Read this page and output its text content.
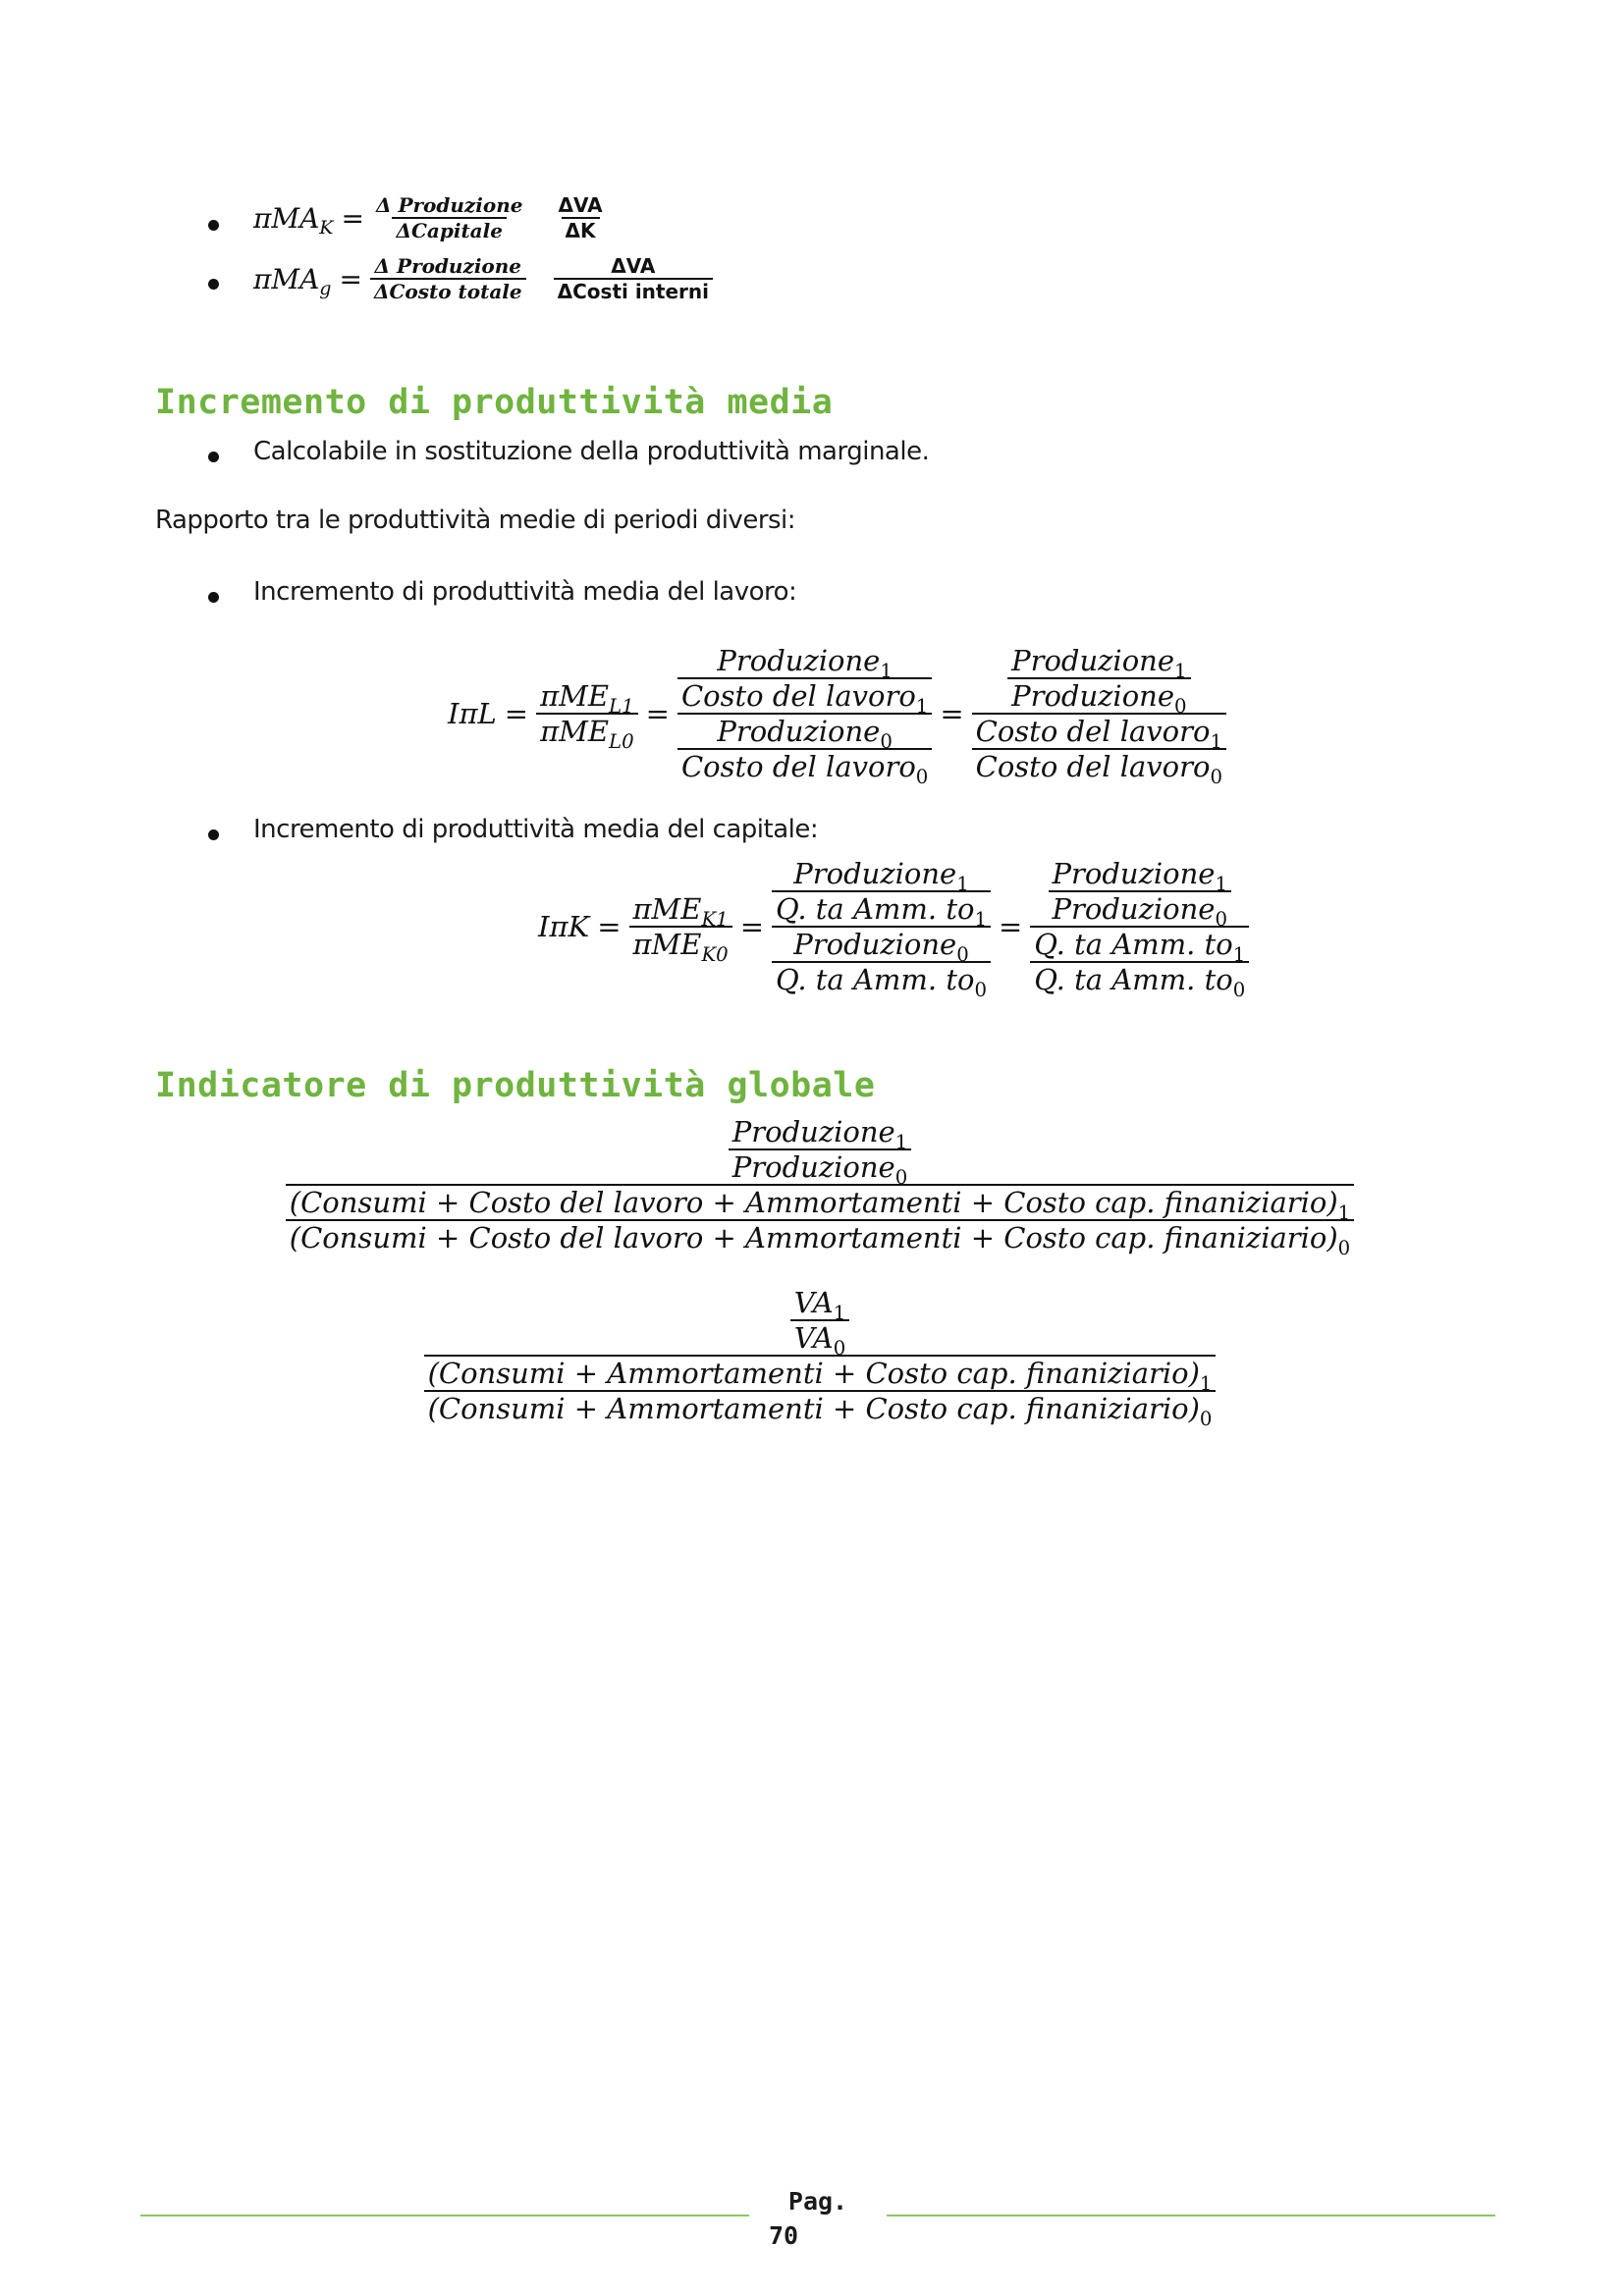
$\pi MA_K = \frac{\text{Δ Produzione}}{\text{ΔCapitale}} \frac{\text{ΔVA}}{\Delta K}$
$\pi MA_g = \frac{\text{Δ Produzione}}{\text{ΔCosto totale}} \frac{\text{ΔVA}}{\text{ΔCosti interni}}$
Incremento di produttività media
Calcolabile in sostituzione della produttività marginale.
Rapporto tra le produttività medie di periodi diversi:
Incremento di produttività media del lavoro:
$I\pi L = \frac{\pi ME_{L1}}{\pi ME_{L0}} = \frac{\frac{Produzione_1}{Costo del lavoro_1}}{\frac{Produzione_0}{Costo del lavoro_0}} = \frac{\frac{Produzione_1}{Produzione_0}}{\frac{Costo del lavoro_1}{Costo del lavoro_0}}$
Incremento di produttività media del capitale:
$I\pi K = \frac{\pi ME_{K1}}{\pi ME_{K0}} = \frac{\frac{Produzione_1}{Q. ta Amm. to_1}}{\frac{Produzione_0}{Q. ta Amm. to_0}} = \frac{\frac{Produzione_1}{Produzione_0}}{\frac{Q. ta Amm. to_1}{Q. ta Amm. to_0}}$
Indicatore di produttività globale
$\frac{Produzione_1}{Produzione_0}$
(Consumi + Costo del lavoro + Ammortamenti + Costo cap. $finaniziario)_1$
(Consumi + Costo del lavoro + Ammortamenti + Costo cap. $finaniziario)_0$
$\frac{VA_1}{VA_0}$
$\frac{(Consumi + Ammortamenti + Costo cap. finaniziario)_1}{(Consumi + Ammortamenti + Costo cap. finaniziario)_0}$
Pag.
70
